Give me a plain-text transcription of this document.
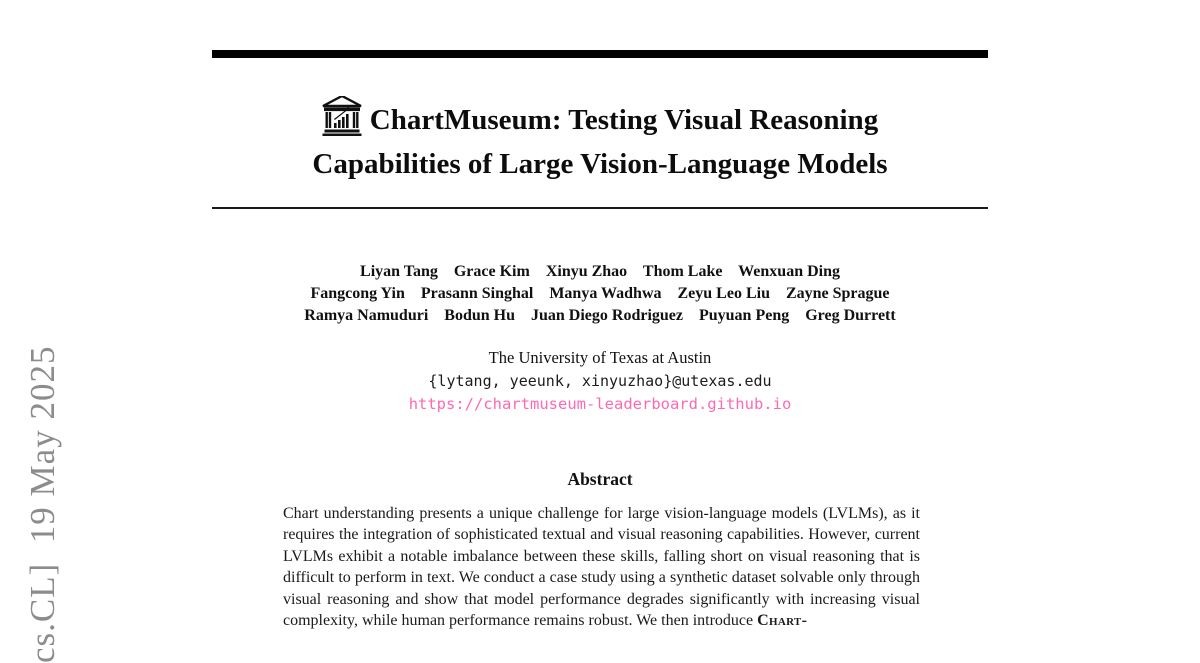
cs.CL]  19 May 2025
ChartMuseum: Testing Visual Reasoning
Capabilities of Large Vision-Language Models
Liyan Tang    Grace Kim    Xinyu Zhao    Thom Lake    Wenxuan Ding
Fangcong Yin    Prasann Singhal    Manya Wadhwa    Zeyu Leo Liu    Zayne Sprague
Ramya Namuduri    Bodun Hu    Juan Diego Rodriguez    Puyuan Peng    Greg Durrett
The University of Texas at Austin
{lytang, yeeunk, xinyuzhao}@utexas.edu
https://chartmuseum-leaderboard.github.io
Abstract
Chart understanding presents a unique challenge for large vision-language models (LVLMs), as it requires the integration of sophisticated textual and visual reasoning capabilities. However, current LVLMs exhibit a notable imbalance between these skills, falling short on visual reasoning that is difficult to perform in text. We conduct a case study using a synthetic dataset solvable only through visual reasoning and show that model performance degrades significantly with increasing visual complexity, while human performance remains robust. We then introduce Chart-
